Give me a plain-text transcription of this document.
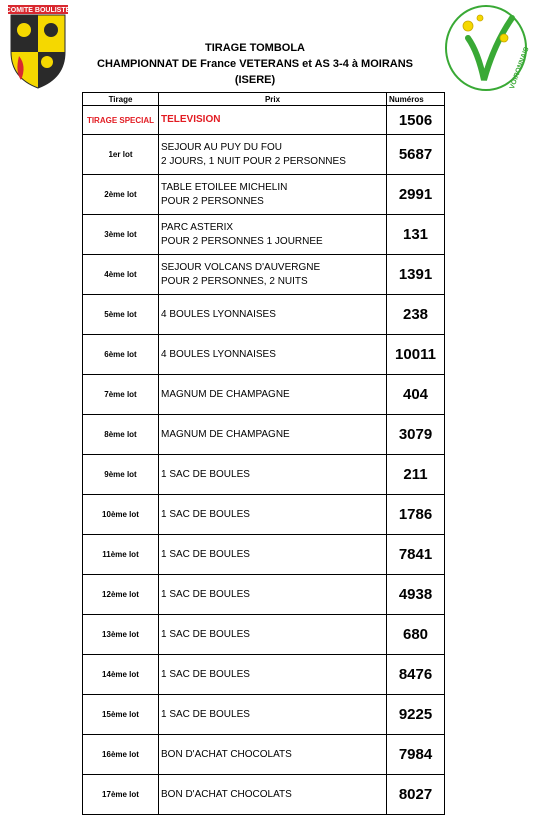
COMITE BOULISTE
VOIRONNAIS
TIRAGE TOMBOLA
CHAMPIONNAT DE France VETERANS et AS 3-4 à MOIRANS
(ISERE)
Tirage	Prix	Numéros
TIRAGE SPECIAL	TELEVISION	1506
1er lot	SEJOUR AU PUY DU FOU
2 JOURS, 1 NUIT POUR 2 PERSONNES	5687
2ème lot	TABLE ETOILEE MICHELIN
POUR 2 PERSONNES	2991
3ème lot	PARC ASTERIX
POUR 2 PERSONNES 1 JOURNEE	131
4ème lot	SEJOUR VOLCANS D'AUVERGNE
POUR 2 PERSONNES, 2 NUITS	1391
5ème lot	4 BOULES LYONNAISES	238
6ème lot	4 BOULES LYONNAISES	10011
7ème lot	MAGNUM DE CHAMPAGNE	404
8ème lot	MAGNUM DE CHAMPAGNE	3079
9ème lot	1 SAC DE BOULES	211
10ème lot	1 SAC DE BOULES	1786
11ème lot	1 SAC DE BOULES	7841
12ème lot	1 SAC DE BOULES	4938
13ème lot	1 SAC DE BOULES	680
14ème lot	1 SAC DE BOULES	8476
15ème lot	1 SAC DE BOULES	9225
16ème lot	BON D'ACHAT CHOCOLATS	7984
17ème lot	BON D'ACHAT CHOCOLATS	8027
